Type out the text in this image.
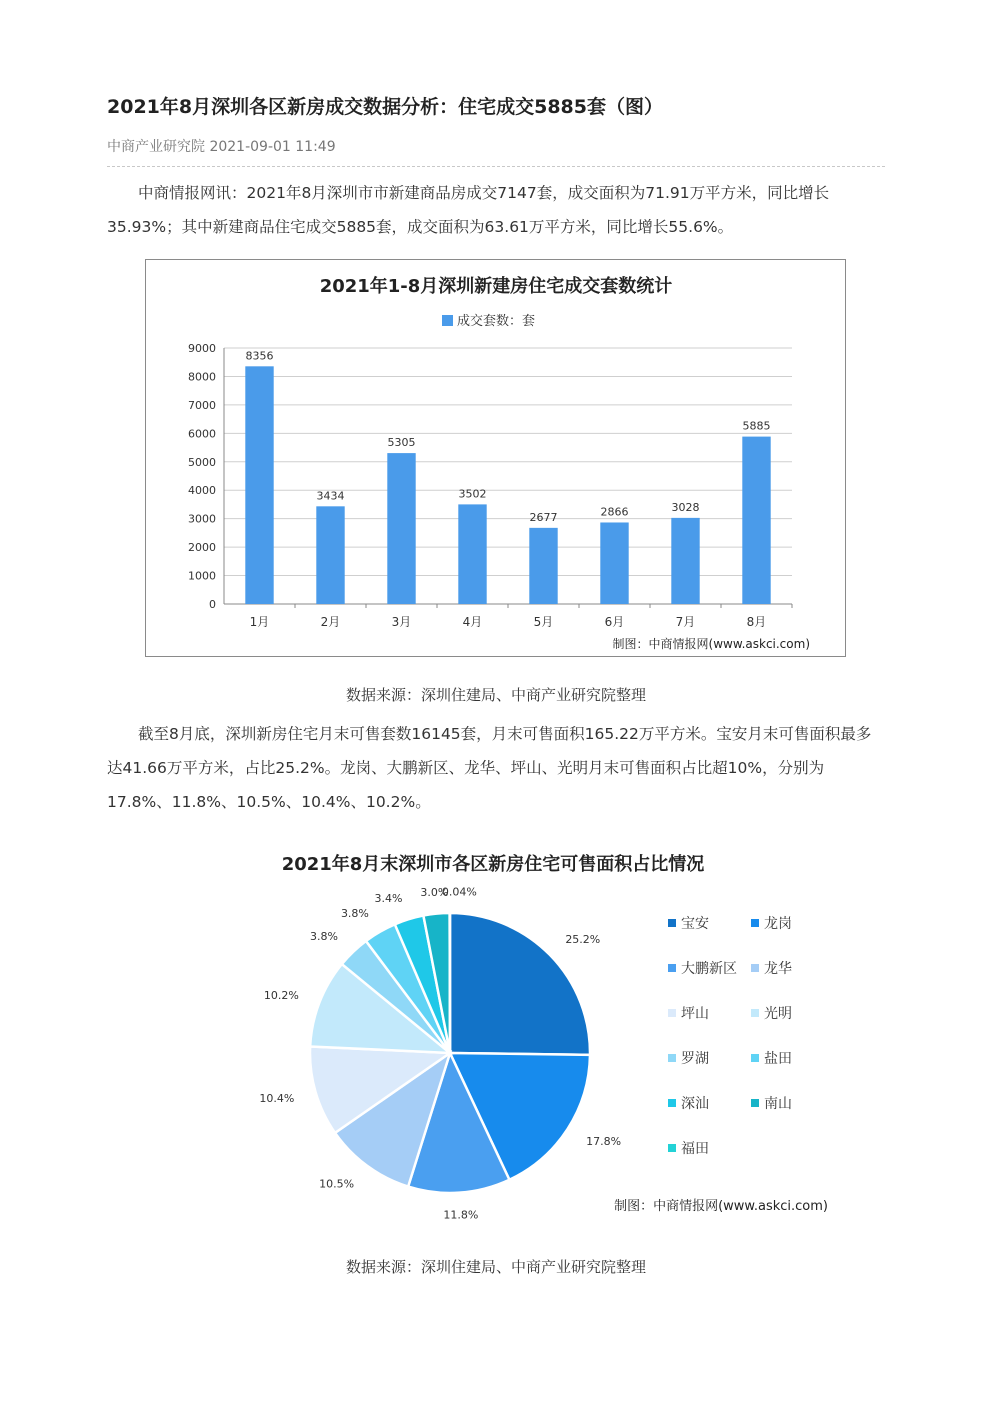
2021年8月深圳各区新房成交数据分析：住宅成交5885套（图）
中商产业研究院 2021-09-01 11:49

中商情报网讯：2021年8月深圳市市新建商品房成交7147套，成交面积为71.91万平方米，同比增长35.93%；其中新建商品住宅成交5885套，成交面积为63.61万平方米，同比增长55.6%。

2021年1-8月深圳新建房住宅成交套数统计
成交套数：套
0
1000
2000
3000
4000
5000
6000
7000
8000
9000
8356
3434
5305
3502
2677	2866	3028
5885
1月	2月	3月	4月	5月	6月	7月	8月
制图：中商情报网(www.askci.com)
数据来源：深圳住建局、中商产业研究院整理

截至8月底，深圳新房住宅月末可售套数16145套，月末可售面积165.22万平方米。宝安月末可售面积最多达41.66万平方米，占比25.2%。龙岗、大鹏新区、龙华、坪山、光明月末可售面积占比超10%，分别为17.8%、11.8%、10.5%、10.4%、10.2%。

2021年8月末深圳市各区新房住宅可售面积占比情况
25.2%
17.8%
11.8%
10.5%
10.4%
10.2%
3.8%
3.8%
3.4% 3.0%
0.04%
宝安	龙岗
大鹏新区 龙华
坪山	光明
罗湖	盐田
深汕	南山
福田
制图：中商情报网(www.askci.com)
数据来源：深圳住建局、中商产业研究院整理
